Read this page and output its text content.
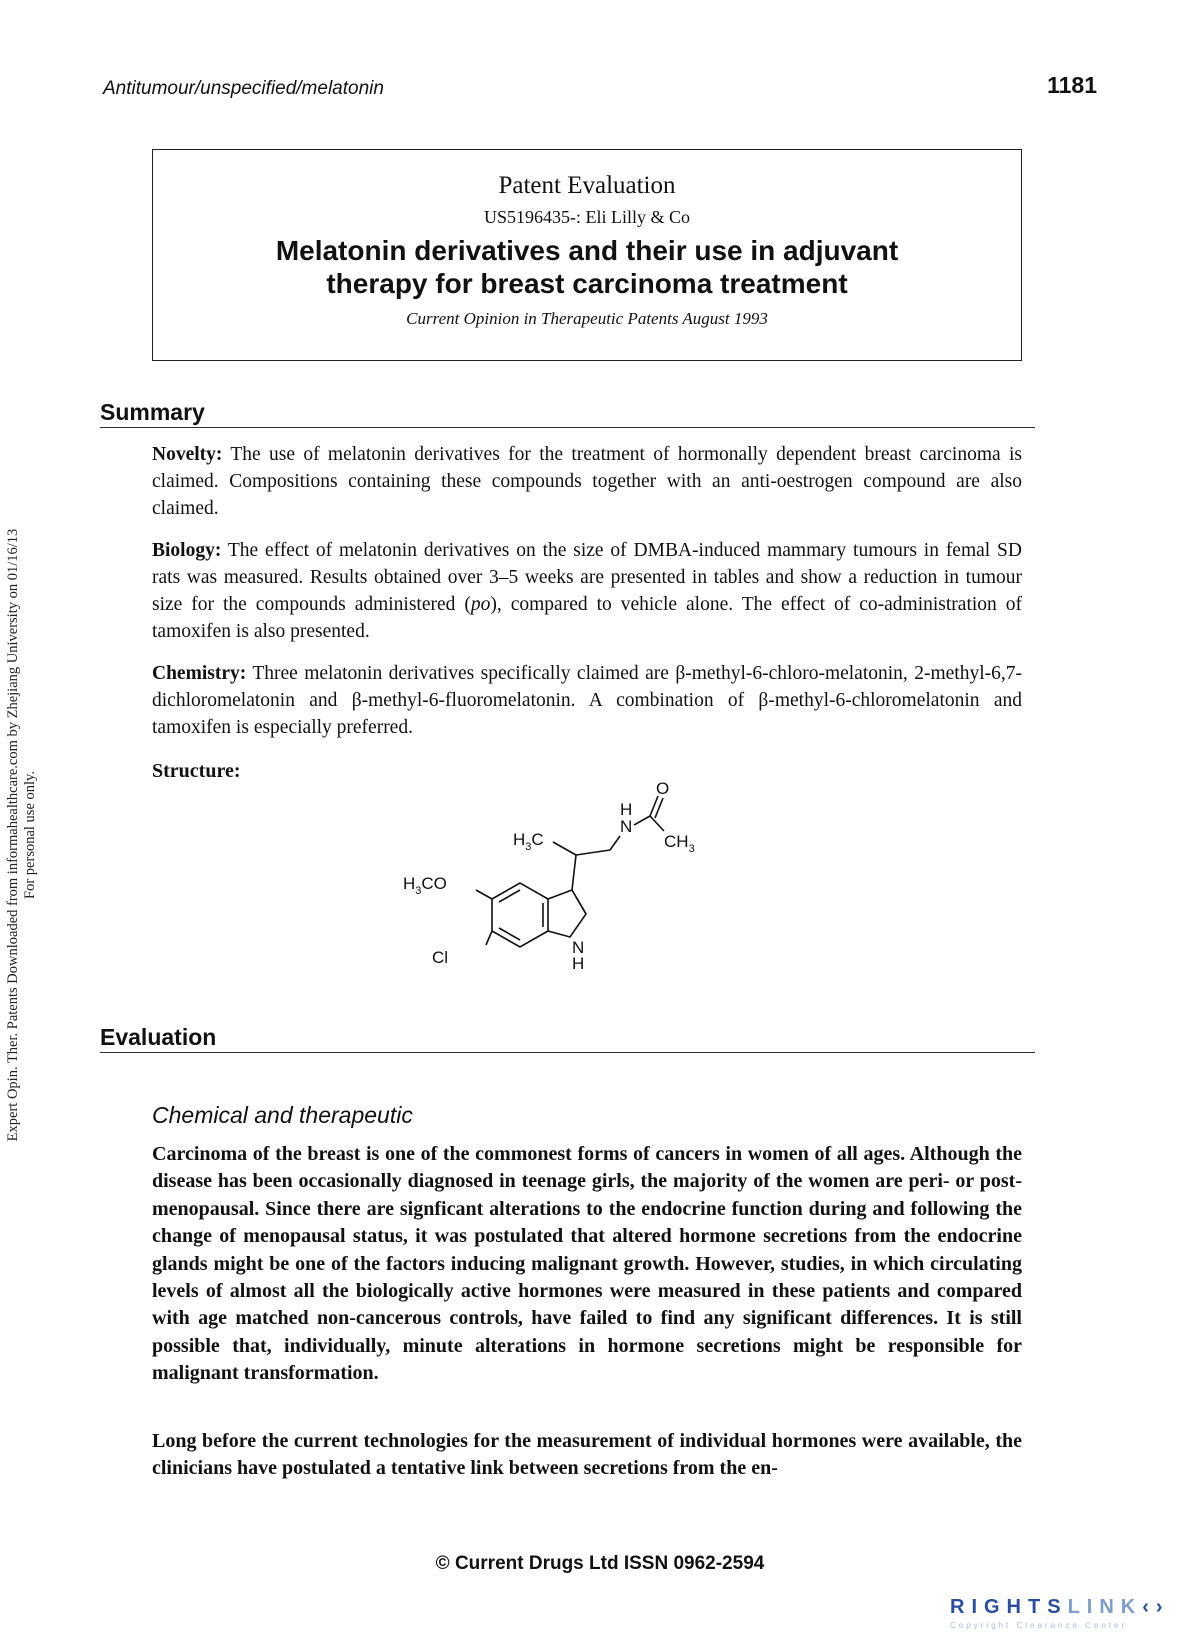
Antitumour/unspecified/melatonin	1181
Patent Evaluation
US5196435-: Eli Lilly & Co
Melatonin derivatives and their use in adjuvant
therapy for breast carcinoma treatment
Current Opinion in Therapeutic Patents August 1993
Summary

Novelty: The use of melatonin derivatives for the treatment of hormonally dependent breast carcinoma is claimed. Compositions containing these compounds together with an anti-oestrogen compound are also claimed.

Biology: The effect of melatonin derivatives on the size of DMBA-induced mammary tumours in femal SD rats was measured. Results obtained over 3–5 weeks are presented in tables and show a reduction in tumour size for the compounds administered (po), compared to vehicle alone. The effect of co-administration of tamoxifen is also presented.

Chemistry: Three melatonin derivatives specifically claimed are β-methyl-6-chloro-melatonin, 2-methyl-6,7-dichloromelatonin and β-methyl-6-fluoromelatonin. A combination of β-methyl-6-chloromelatonin and tamoxifen is especially preferred.

Structure:
O
H
N
$CH_3$
$H_3C$
$H_3CO$
Cl
N
H
Evaluation
Chemical and therapeutic

Carcinoma of the breast is one of the commonest forms of cancers in women of all ages. Although the disease has been occasionally diagnosed in teenage girls, the majority of the women are peri- or post-menopausal. Since there are signficant alterations to the endocrine function during and following the change of menopausal status, it was postulated that altered hormone secretions from the endocrine glands might be one of the factors inducing malignant growth. However, studies, in which circulating levels of almost all the biologically active hormones were measured in these patients and compared with age matched non-cancerous controls, have failed to find any significant differences. It is still possible that, individually, minute alterations in hormone secretions might be responsible for malignant transformation.

Long before the current technologies for the measurement of individual hormones were available, the clinicians have postulated a tentative link between secretions from the en-

© Current Drugs Ltd ISSN 0962-2594
Expert Opin. Ther. Patents Downloaded from informahealthcare.com by Zhejiang University on 01/16/13 For personal use only.
RIGHTSLINK‹›
Copyright Clearance Center
